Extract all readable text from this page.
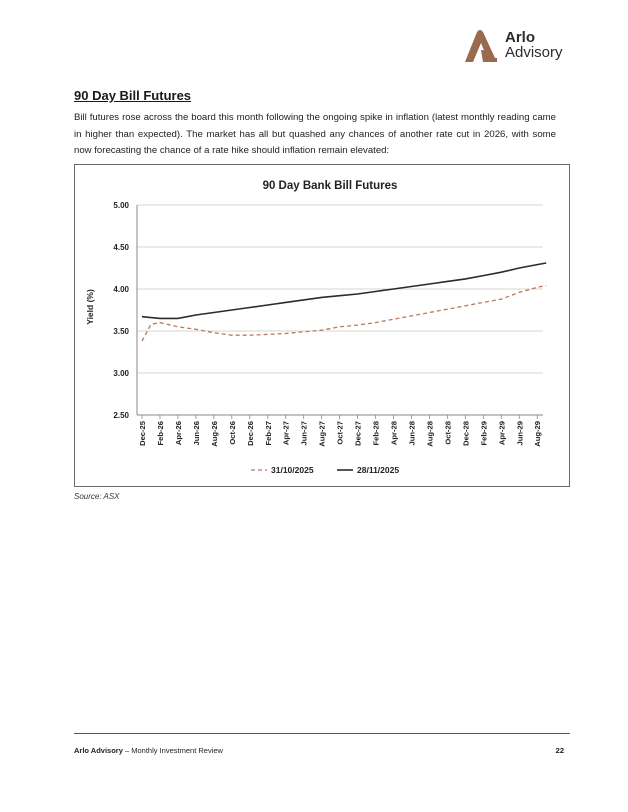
Arlo
Advisory
90 Day Bill Futures
Bill futures rose across the board this month following the ongoing spike in inflation (latest monthly reading came in higher than expected). The market has all but quashed any chances of another rate cut in 2026, with some now forecasting the chance of a rate hike should inflation remain elevated:
90 Day Bank Bill Futures
Yield (%)
5.00
4.50
4.00
3.50
3.00
2.50
Dec-25 Feb-26 Apr-26 Jun-26 Aug-26 Oct-26 Dec-26 Feb-27 Apr-27 Jun-27 Aug-27 Oct-27 Dec-27 Feb-28 Apr-28 Jun-28 Aug-28 Oct-28 Dec-28 Feb-29 Apr-29 Jun-29 Aug-29
31/10/2025	28/11/2025
Source: ASX
Arlo Advisory – Monthly Investment Review	22
